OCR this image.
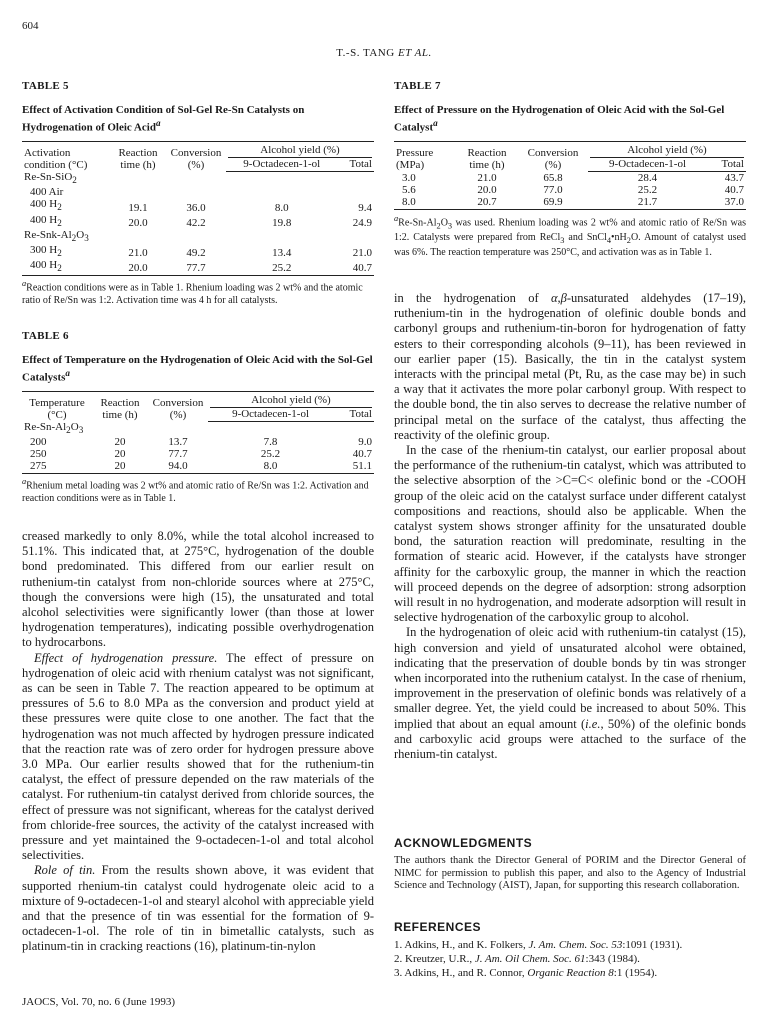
604
T.-S. TANG ET AL.
TABLE 5
Effect of Activation Condition of Sol-Gel Re-Sn Catalysts on Hydrogenation of Oleic Acid$^a$
Activation condition (°C)	Reaction time (h)	Conversion (%)	Alcohol yield (%)	

			9-Octadecen-1-ol	Total
Re-Sn-SiO$_2$				
400 Air				
400 $H_2$	19.1	36.0	8.0	9.4
400 $H_2$	20.0	42.2	19.8	24.9
$Re-Snk-Al_2O_3$				
300 $H_2$	21.0	49.2	13.4	21.0
400 $H_2$	20.0	77.7	25.2	40.7
$^a$Reaction conditions were as in Table 1. Rhenium loading was 2 wt% and the atomic ratio of Re/Sn was 1:2. Activation time was 4 h for all catalysts.
TABLE 6
Effect of Temperature on the Hydrogenation of Oleic Acid with the Sol-Gel Catalysts$^a$
Temperature (°C)	Reaction time (h)	Conversion (%)	Alcohol yield (%)	

			9-Octadecen-1-ol	Total
$Re-Sn-Al_2O_3$				
200	20	13.7	7.8	9.0
250	20	77.7	25.2	40.7
275	20	94.0	8.0	51.1
$^a$Rhenium metal loading was 2 wt% and atomic ratio of Re/Sn was 1:2. Activation and reaction conditions were as in Table 1.
TABLE 7
Effect of Pressure on the Hydrogenation of Oleic Acid with the Sol-Gel Catalyst$^a$
Pressure (MPa)	Reaction time (h)	Conversion (%)	Alcohol yield (%)	

			9-Octadecen-1-ol	Total
3.0	21.0	65.8	28.4	43.7
5.6	20.0	77.0	25.2	40.7
8.0	20.7	69.9	21.7	37.0
$^aRe-Sn-Al_2O_3$ was used. Rhenium loading was 2 wt% and atomic ratio of Re/Sn was 1:2. Catalysts were prepared from ReCl$_3$ and $SnCl_4•nH_2O$. Amount of catalyst used was 6%. The reaction temperature was 250°C, and activation was as in Table 1.

creased markedly to only 8.0%, while the total alcohol increased to 51.1%. This indicated that, at 275°C, hydrogenation of the double bond predominated. This differed from our earlier result on ruthenium-tin catalyst from non-chloride sources where at 275°C, though the conversions were high (15), the unsaturated and total alcohol selectivities were significantly lower (than those at lower hydrogenation temperatures), indicating possible overhydrogenation to hydrocarbons.

Effect of hydrogenation pressure. The effect of pressure on hydrogenation of oleic acid with rhenium catalyst was not significant, as can be seen in Table 7. The reaction appeared to be optimum at pressures of 5.6 to 8.0 MPa as the conversion and product yield at these pressures were quite close to one another. The fact that the hydrogenation was not much affected by hydrogen pressure indicated that the reaction rate was of zero order for hydrogen pressure above 3.0 MPa. Our earlier results showed that for the ruthenium-tin catalyst, the effect of pressure depended on the raw materials of the catalyst. For ruthenium-tin catalyst derived from chloride sources, the effect of pressure was not significant, whereas for the catalyst derived from chloride-free sources, the activity of the catalyst increased with pressure and yet maintained the 9-octadecen-1-ol and total alcohol selectivities.

Role of tin. From the results shown above, it was evident that supported rhenium-tin catalyst could hydrogenate oleic acid to a mixture of 9-octadecen-1-ol and stearyl alcohol with appreciable yield and that the presence of tin was essential for the formation of 9-octadecen-1-ol. The role of tin in bimetallic catalysts, such as platinum-tin in cracking reactions (16), platinum-tin-nylon

in the hydrogenation of α,β-unsaturated aldehydes (17–19), ruthenium-tin in the hydrogenation of olefinic double bonds and carbonyl groups and ruthenium-tin-boron for hydrogenation of fatty esters to their corresponding alcohols (9–11), has been reviewed in our earlier paper (15). Basically, the tin in the catalyst system interacts with the principal metal (Pt, Ru, as the case may be) in such a way that it activates the more polar carbonyl group. With respect to the double bond, the tin also serves to decrease the relative number of principal metal on the surface of the catalyst, thus affecting the reactivity of the olefinic group.

In the case of the rhenium-tin catalyst, our earlier proposal about the performance of the ruthenium-tin catalyst, which was attributed to the selective absorption of the >C=C< olefinic bond or the -COOH group of the oleic acid on the catalyst surface under different catalyst compositions and reactions, should also be applicable. When the catalyst system shows stronger affinity for the unsaturated double bond, the saturation reaction will predominate, resulting in the formation of stearic acid. However, if the catalysts have stronger affinity for the carboxylic group, the manner in which the reaction will proceed depends on the degree of adsorption: strong adsorption will result in no hydrogenation, and moderate adsorption will result in selective hydrogenation of the carboxylic group to alcohol.

In the hydrogenation of oleic acid with ruthenium-tin catalyst (15), high conversion and yield of unsaturated alcohol were obtained, indicating that the preservation of double bonds by tin was stronger when incorporated into the ruthenium catalyst. In the case of rhenium, improvement in the preservation of olefinic bonds was relatively of a smaller degree. Yet, the yield could be increased to about 50%. This implied that about an equal amount (i.e., 50%) of the olefinic bonds and carboxylic acid groups were attached to the surface of the rhenium-tin catalyst.

ACKNOWLEDGMENTS
The authors thank the Director General of PORIM and the Director General of NIMC for permission to publish this paper, and also to the Agency of Industrial Science and Technology (AIST), Japan, for supporting this research collaboration.
REFERENCES
1. Adkins, H., and K. Folkers, J. Am. Chem. Soc. 53:1091 (1931).
2. Kreutzer, U.R., J. Am. Oil Chem. Soc. 61:343 (1984).
3. Adkins, H., and R. Connor, Organic Reaction 8:1 (1954).
JAOCS, Vol. 70, no. 6 (June 1993)
